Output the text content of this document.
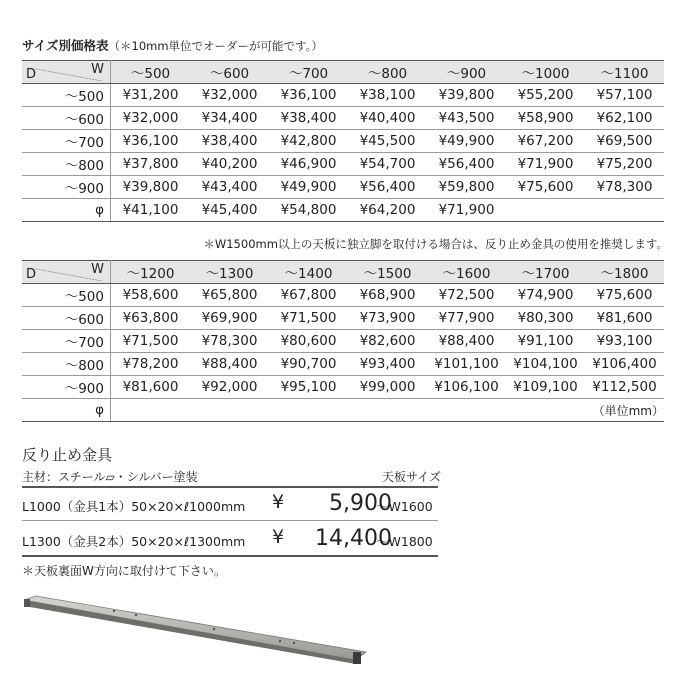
サイズ別価格表（＊10mm単位でオーダーが可能です。）
D W	～500	～600	～700	～800	～900	～1000	～1100
～500	¥31,200	¥32,000	¥36,100	¥38,100	¥39,800	¥55,200	¥57,100
～600	¥32,000	¥34,400	¥38,400	¥40,400	¥43,500	¥58,900	¥62,100
～700	¥36,100	¥38,400	¥42,800	¥45,500	¥49,900	¥67,200	¥69,500
～800	¥37,800	¥40,200	¥46,900	¥54,700	¥56,400	¥71,900	¥75,200
～900	¥39,800	¥43,400	¥49,900	¥56,400	¥59,800	¥75,600	¥78,300
φ	¥41,100	¥45,400	¥54,800	¥64,200	¥71,900		
＊W1500mm以上の天板に独立脚を取付ける場合は、反り止め金具の使用を推奨します。
D W	～1200	～1300	～1400	～1500	～1600	～1700	～1800
～500	¥58,600	¥65,800	¥67,800	¥68,900	¥72,500	¥74,900	¥75,600
～600	¥63,800	¥69,900	¥71,500	¥73,900	¥77,900	¥80,300	¥81,600
～700	¥71,500	¥78,300	¥80,600	¥82,600	¥88,400	¥91,100	¥93,100
～800	¥78,200	¥88,400	¥90,700	¥93,400	¥101,100	¥104,100	¥106,400
～900	¥81,600	¥92,000	¥95,100	¥99,000	¥106,100	¥109,100	¥112,500
φ	（単位mm）						
反り止め金具
主材：スチール▱・シルバー塗装	天板サイズ
L1000（金具1本）50×20×ℓ1000mm ¥ 5,900
～W1600
L1300（金具2本）50×20×ℓ1300mm ¥ 14,400
～W1800
＊天板裏面W方向に取付けて下さい。
